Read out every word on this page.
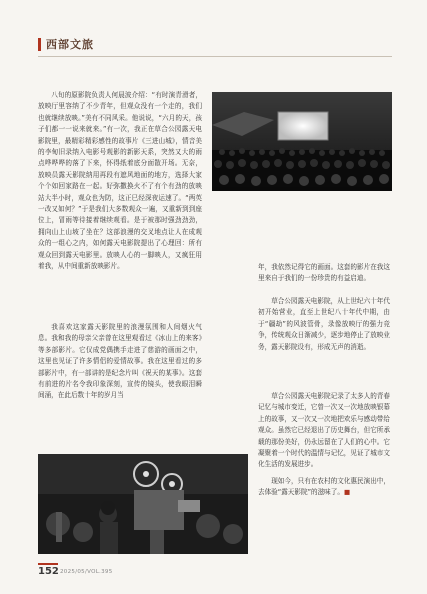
西部文旅

八旬的原影院负责人何晨波介绍：“有时演青滑者，放映厅里容纳了不少青年，但观众没有一个走的，我们也就继续放映。”美有不同风采。他说说，“六月的天，孩子们都一一说来就来。”有一次，我正在草合公园露天电影院里，最精彩精彩感性的故事片《三进山城》，情音美的李甸旧录纳入电影号观影的新影天系，突然又大的雨点哗哗哗的落了下来，怀得纸着底分面散开场。无奈，放映员露天影院纳用再段有遮风地面的地方，选择大家个个如回家路在一起。好弥撒换火不了有个有劲的放映站大半小时，观众也为防，这正巳经深夜运速了。“两英一改又如何？”于是我们大多数观众一遍，又重新到到座位上，冒雨等待接着继续观看。是于被那时强劲劲劲，拥向山上山坡了坐在？这部浪漫的交叉地点让人在成观众的一组心之内，如何露天电影院提出了心理回：所有观众回到露天电影里。放映人心的一脚映人，又疯狂用着我，从中间重新放映影片。

我喜欢这家露天影院里的浪漫氛围和人间烟火气息。我和我的母亲父亲曾在这里观看过《冰山上的来客》等多部影片。它仅成党偶携手走进了慈游的画面之中，这里也见证了许多情侣的爱情故事。我在这里看过的多部影片中，有一部讲的是纪念片叫《祝天的某事》。这套有前进的片名令我印象深刻，宣传的镜头，使我眼泪瞬间涌，在此后数十年的岁月当

年，我依然记得它的画面。这套的影片在我这里来自于我们的一份珍贵的有益启迪。

草合公园露天电影院，从上世纪六十年代初开始营业，直至上世纪八十年代中期，由于“疆劫”的风波管骨，录像放映厅的强力竞争，传统观众日渐减少，逐步地停止了放映业务，露天影院设有，形成无声的消逝。

草合公园露天电影院记录了太多人的青春记忆与城市变迁，它曾一次又一次地放映银幕上的故事，又一次又一次地把欢乐与感动带给观众。虽然它已经退出了历史舞台，但它所承载的那份美好，仍永远留在了人们的心中。它凝聚着一个时代的温情与记忆，见证了城市文化生活的发展进步。

现如今，只有在农村的文化惠民演出中，去体验“露天影院”的滋味了。■

152 2025/05/VOL.395
